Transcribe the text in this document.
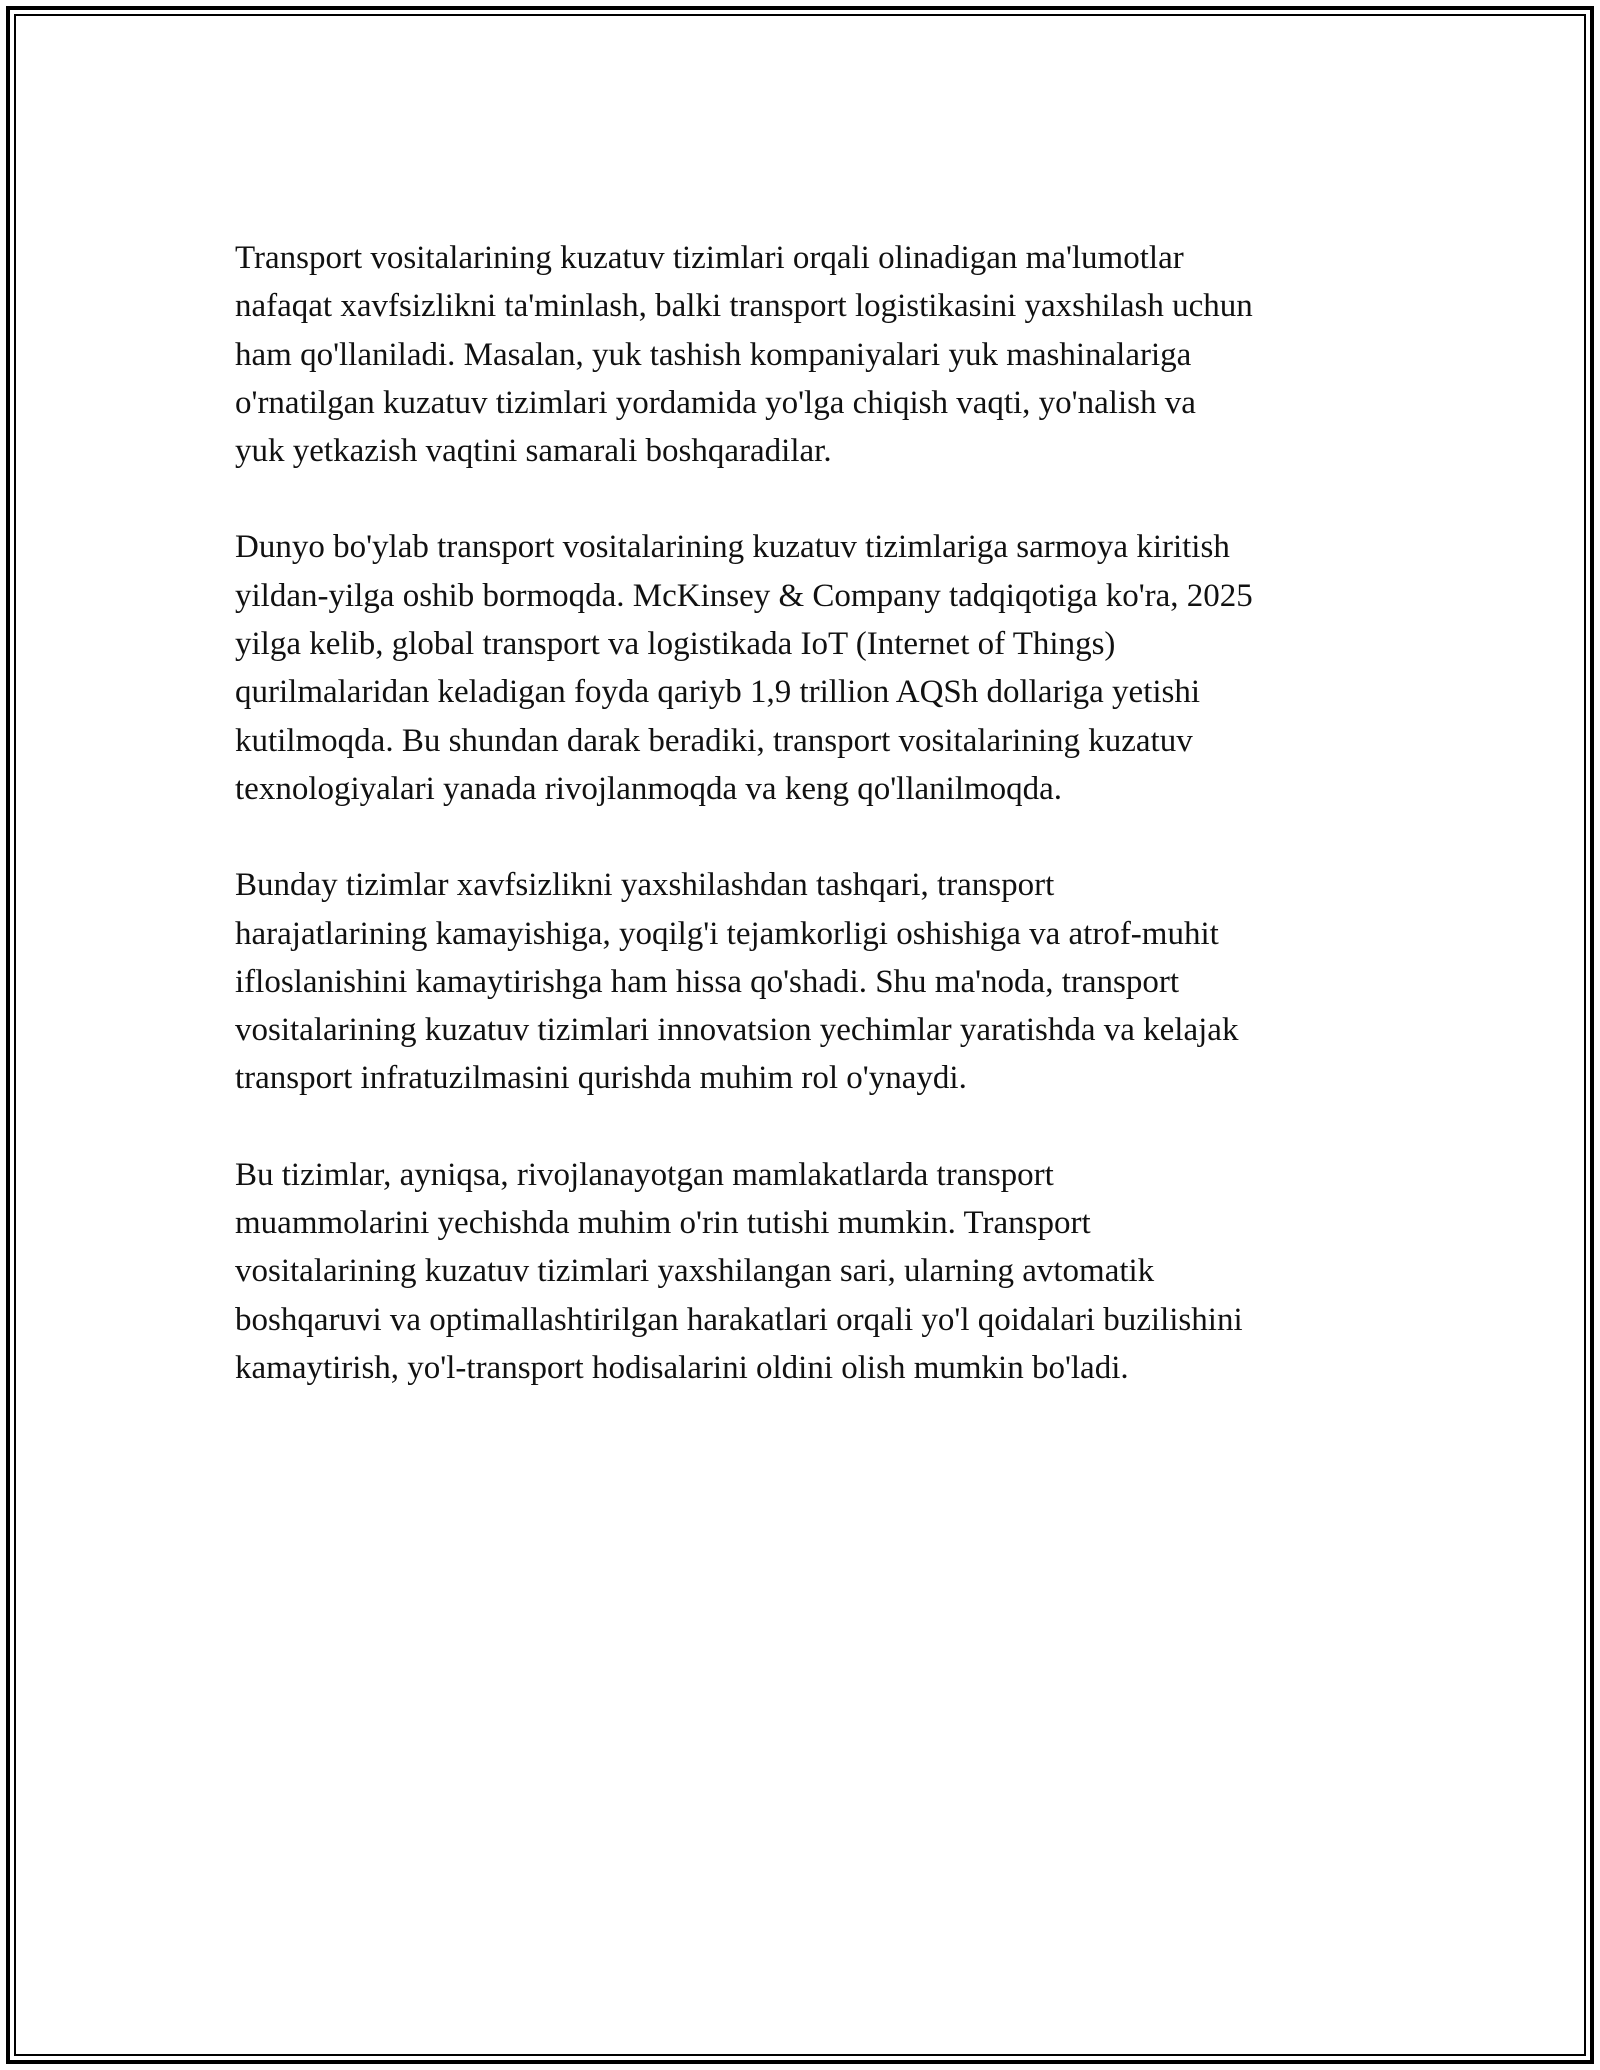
Transport vositalarining kuzatuv tizimlari orqali olinadigan ma'lumotlar
nafaqat xavfsizlikni ta'minlash, balki transport logistikasini yaxshilash uchun
ham qo'llaniladi. Masalan, yuk tashish kompaniyalari yuk mashinalariga
o'rnatilgan kuzatuv tizimlari yordamida yo'lga chiqish vaqti, yo'nalish va
yuk yetkazish vaqtini samarali boshqaradilar.

Dunyo bo'ylab transport vositalarining kuzatuv tizimlariga sarmoya kiritish
yildan-yilga oshib bormoqda. McKinsey & Company tadqiqotiga ko'ra, 2025
yilga kelib, global transport va logistikada IoT (Internet of Things)
qurilmalaridan keladigan foyda qariyb 1,9 trillion AQSh dollariga yetishi
kutilmoqda. Bu shundan darak beradiki, transport vositalarining kuzatuv
texnologiyalari yanada rivojlanmoqda va keng qo'llanilmoqda.

Bunday tizimlar xavfsizlikni yaxshilashdan tashqari, transport
harajatlarining kamayishiga, yoqilg'i tejamkorligi oshishiga va atrof-muhit
ifloslanishini kamaytirishga ham hissa qo'shadi. Shu ma'noda, transport
vositalarining kuzatuv tizimlari innovatsion yechimlar yaratishda va kelajak
transport infratuzilmasini qurishda muhim rol o'ynaydi.

Bu tizimlar, ayniqsa, rivojlanayotgan mamlakatlarda transport
muammolarini yechishda muhim o'rin tutishi mumkin. Transport
vositalarining kuzatuv tizimlari yaxshilangan sari, ularning avtomatik
boshqaruvi va optimallashtirilgan harakatlari orqali yo'l qoidalari buzilishini
kamaytirish, yo'l-transport hodisalarini oldini olish mumkin bo'ladi.
